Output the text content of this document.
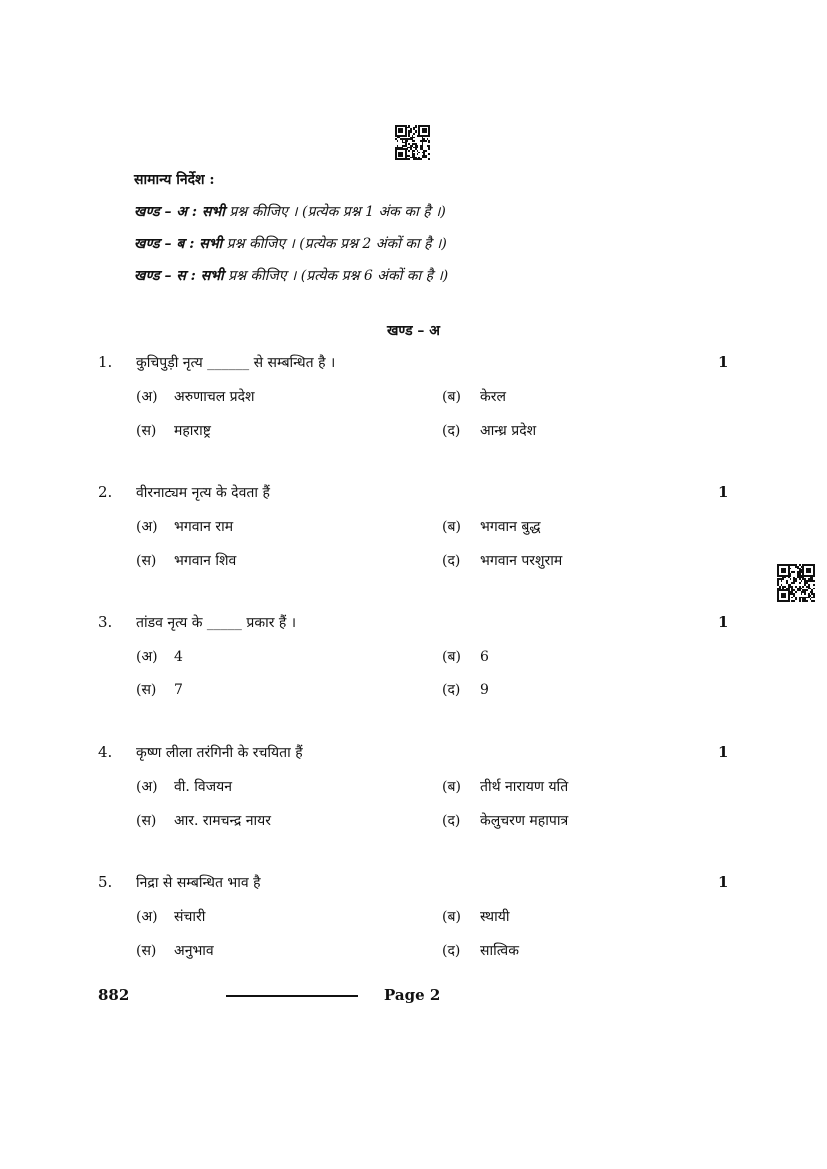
सामान्य निर्देश :
खण्ड – अ : सभी प्रश्न कीजिए । (प्रत्येक प्रश्न 1 अंक का है ।)
खण्ड – ब : सभी प्रश्न कीजिए । (प्रत्येक प्रश्न 2 अंकों का है ।)
खण्ड – स : सभी प्रश्न कीजिए । (प्रत्येक प्रश्न 6 अंकों का है ।)
खण्ड – अ
1. कुचिपुड़ी नृत्य ______ से सम्बन्धित है ।	1
(अ) अरुणाचल प्रदेश	(ब) केरल
(स) महाराष्ट्र	(द) आन्ध्र प्रदेश
2. वीरनाट्यम नृत्य के देवता हैं	1
(अ) भगवान राम	(ब) भगवान बुद्ध
(स) भगवान शिव	(द) भगवान परशुराम
3. तांडव नृत्य के _____ प्रकार हैं ।	1
(अ) 4	(ब) 6
(स) 7	(द) 9
4. कृष्ण लीला तरंगिनी के रचयिता हैं	1
(अ) वी. विजयन	(ब) तीर्थ नारायण यति
(स) आर. रामचन्द्र नायर	(द) केलुचरण महापात्र
5. निद्रा से सम्बन्धित भाव है	1
(अ) संचारी	(ब) स्थायी
(स) अनुभाव	(द) सात्विक
882	Page 2
